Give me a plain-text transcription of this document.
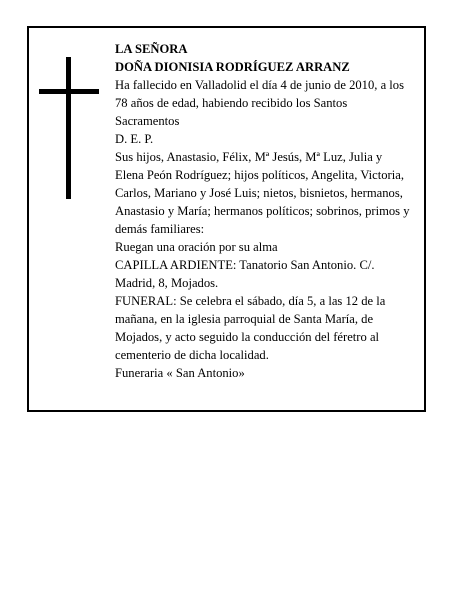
LA SEÑORA

DOÑA DIONISIA RODRÍGUEZ ARRANZ

Ha fallecido en Valladolid el día 4 de junio de 2010, a los 78 años de edad, habiendo recibido los Santos Sacramentos

D. E. P.

Sus hijos, Anastasio, Félix, Mª Jesús, Mª Luz, Julia y Elena Peón Rodríguez; hijos políticos, Angelita, Victoria, Carlos, Mariano y José Luis; nietos, bisnietos, hermanos, Anastasio y María; hermanos políticos; sobrinos, primos y demás familiares:

Ruegan una oración por su alma

CAPILLA ARDIENTE: Tanatorio San Antonio. C/. Madrid, 8, Mojados.

FUNERAL: Se celebra el sábado, día 5, a las 12 de la mañana, en la iglesia parroquial de Santa María, de Mojados, y acto seguido la conducción del féretro al cementerio de dicha localidad.

Funeraria « San Antonio»
